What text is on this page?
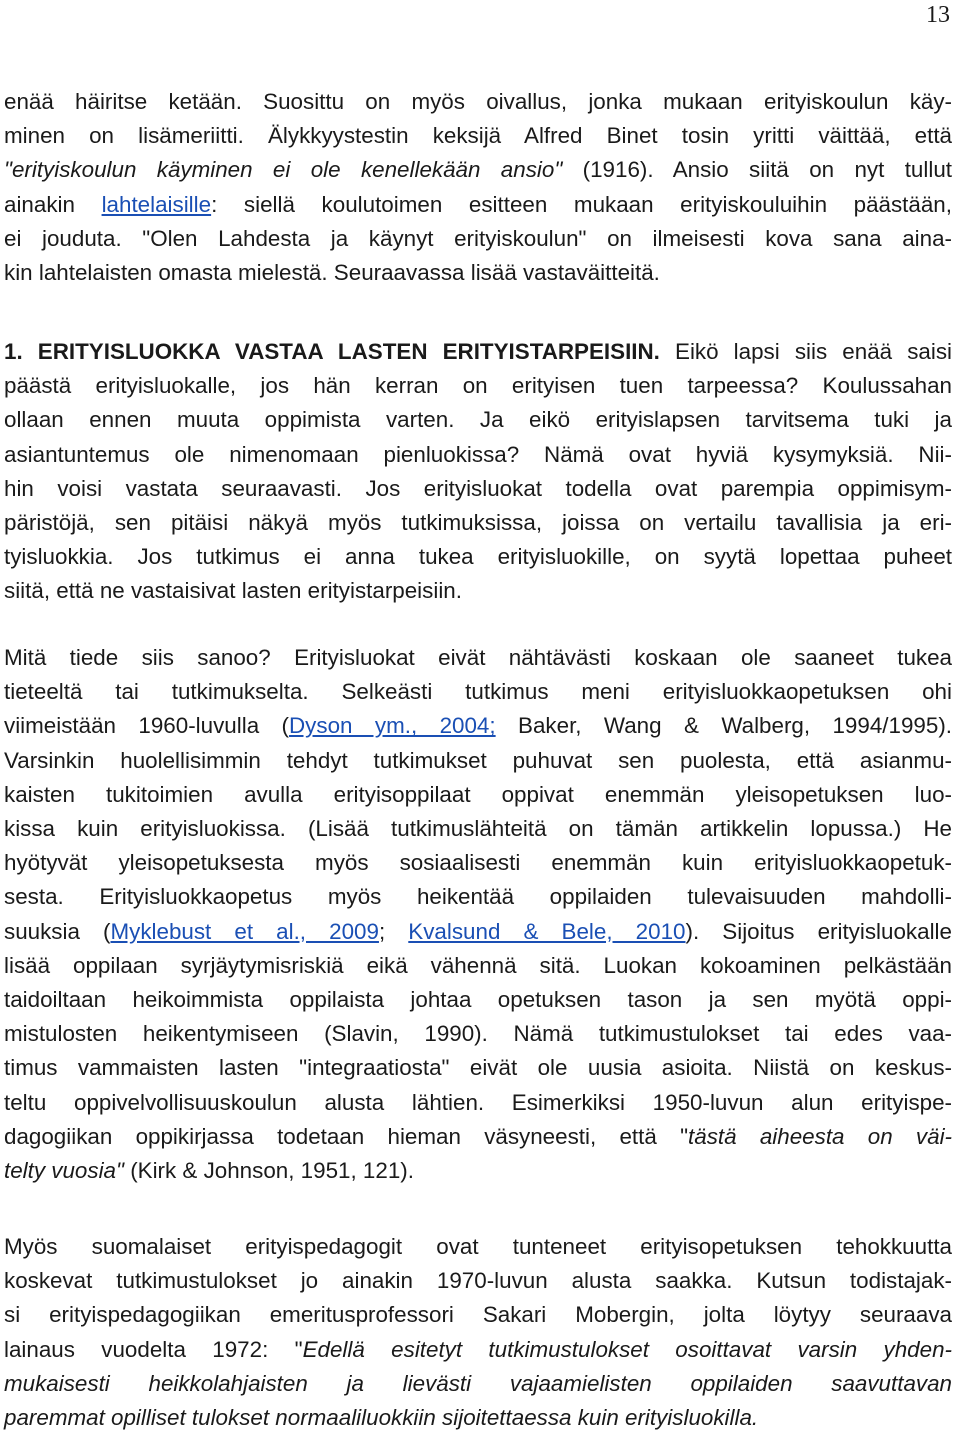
13
enää häiritse ketään. Suosittu on myös oivallus, jonka mukaan erityiskoulun käy-
minen on lisämeriitti. Älykkyystestin keksijä Alfred Binet tosin yritti väittää, että
"erityiskoulun käyminen ei ole kenellekään ansio" (1916). Ansio siitä on nyt tullut
ainakin lahtelaisille: siellä koulutoimen esitteen mukaan erityiskouluihin päästään,
ei jouduta. "Olen Lahdesta ja käynyt erityiskoulun" on ilmeisesti kova sana aina-
kin lahtelaisten omasta mielestä. Seuraavassa lisää vastaväitteitä.
1. ERITYISLUOKKA VASTAA LASTEN ERITYISTARPEISIIN. Eikö lapsi siis enää saisi
päästä erityisluokalle, jos hän kerran on erityisen tuen tarpeessa? Koulussahan
ollaan ennen muuta oppimista varten. Ja eikö erityislapsen tarvitsema tuki ja
asiantuntemus ole nimenomaan pienluokissa? Nämä ovat hyviä kysymyksiä. Nii-
hin voisi vastata seuraavasti. Jos erityisluokat todella ovat parempia oppimisym-
päristöjä, sen pitäisi näkyä myös tutkimuksissa, joissa on vertailu tavallisia ja eri-
tyisluokkia. Jos tutkimus ei anna tukea erityisluokille, on syytä lopettaa puheet
siitä, että ne vastaisivat lasten erityistarpeisiin.
Mitä tiede siis sanoo? Erityisluokat eivät nähtävästi koskaan ole saaneet tukea
tieteeltä tai tutkimukselta. Selkeästi tutkimus meni erityisluokkaopetuksen ohi
viimeistään 1960-luvulla (Dyson ym., 2004; Baker, Wang & Walberg, 1994/1995).
Varsinkin huolellisimmin tehdyt tutkimukset puhuvat sen puolesta, että asianmu-
kaisten tukitoimien avulla erityisoppilaat oppivat enemmän yleisopetuksen luo-
kissa kuin erityisluokissa. (Lisää tutkimuslähteitä on tämän artikkelin lopussa.) He
hyötyvät yleisopetuksesta myös sosiaalisesti enemmän kuin erityisluokkaopetuk-
sesta. Erityisluokkaopetus myös heikentää oppilaiden tulevaisuuden mahdolli-
suuksia (Myklebust et al., 2009; Kvalsund & Bele, 2010). Sijoitus erityisluokalle
lisää oppilaan syrjäytymisriskiä eikä vähennä sitä. Luokan kokoaminen pelkästään
taidoiltaan heikoimmista oppilaista johtaa opetuksen tason ja sen myötä oppi-
mistulosten heikentymiseen (Slavin, 1990). Nämä tutkimustulokset tai edes vaa-
timus vammaisten lasten "integraatiosta" eivät ole uusia asioita. Niistä on keskus-
teltu oppivelvollisuuskoulun alusta lähtien. Esimerkiksi 1950-luvun alun erityispe-
dagogiikan oppikirjassa todetaan hieman väsyneesti, että "tästä aiheesta on väi-
telty vuosia" (Kirk & Johnson, 1951, 121).
Myös suomalaiset erityispedagogit ovat tunteneet erityisopetuksen tehokkuutta
koskevat tutkimustulokset jo ainakin 1970-luvun alusta saakka. Kutsun todistajak-
si erityispedagogiikan emeritusprofessori Sakari Mobergin, jolta löytyy seuraava
lainaus vuodelta 1972: "Edellä esitetyt tutkimustulokset osoittavat varsin yhden-
mukaisesti heikkolahjaisten ja lievästi vajaamielisten oppilaiden saavuttavan
paremmat opilliset tulokset normaaliluokkiin sijoitettaessa kuin erityisluokilla.
